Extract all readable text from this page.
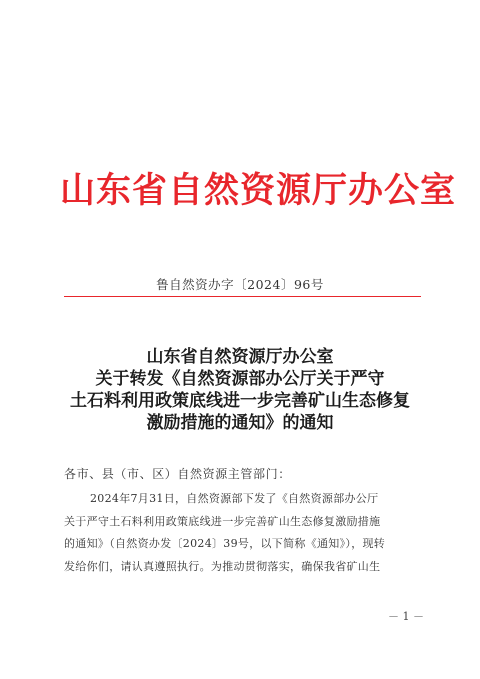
山东省自然资源厅办公室
鲁自然资办字〔2024〕96号
山东省自然资源厅办公室
关于转发《自然资源部办公厅关于严守
土石料利用政策底线进一步完善矿山生态修复
激励措施的通知》的通知
各市、县（市、区）自然资源主管部门：
2024年7月31日，自然资源部下发了《自然资源部办公厅
关于严守土石料利用政策底线进一步完善矿山生态修复激励措施
的通知》（自然资办发〔2024〕39号，以下简称《通知》），现转
发给你们，请认真遵照执行。为推动贯彻落实，确保我省矿山生
－ 1 －
